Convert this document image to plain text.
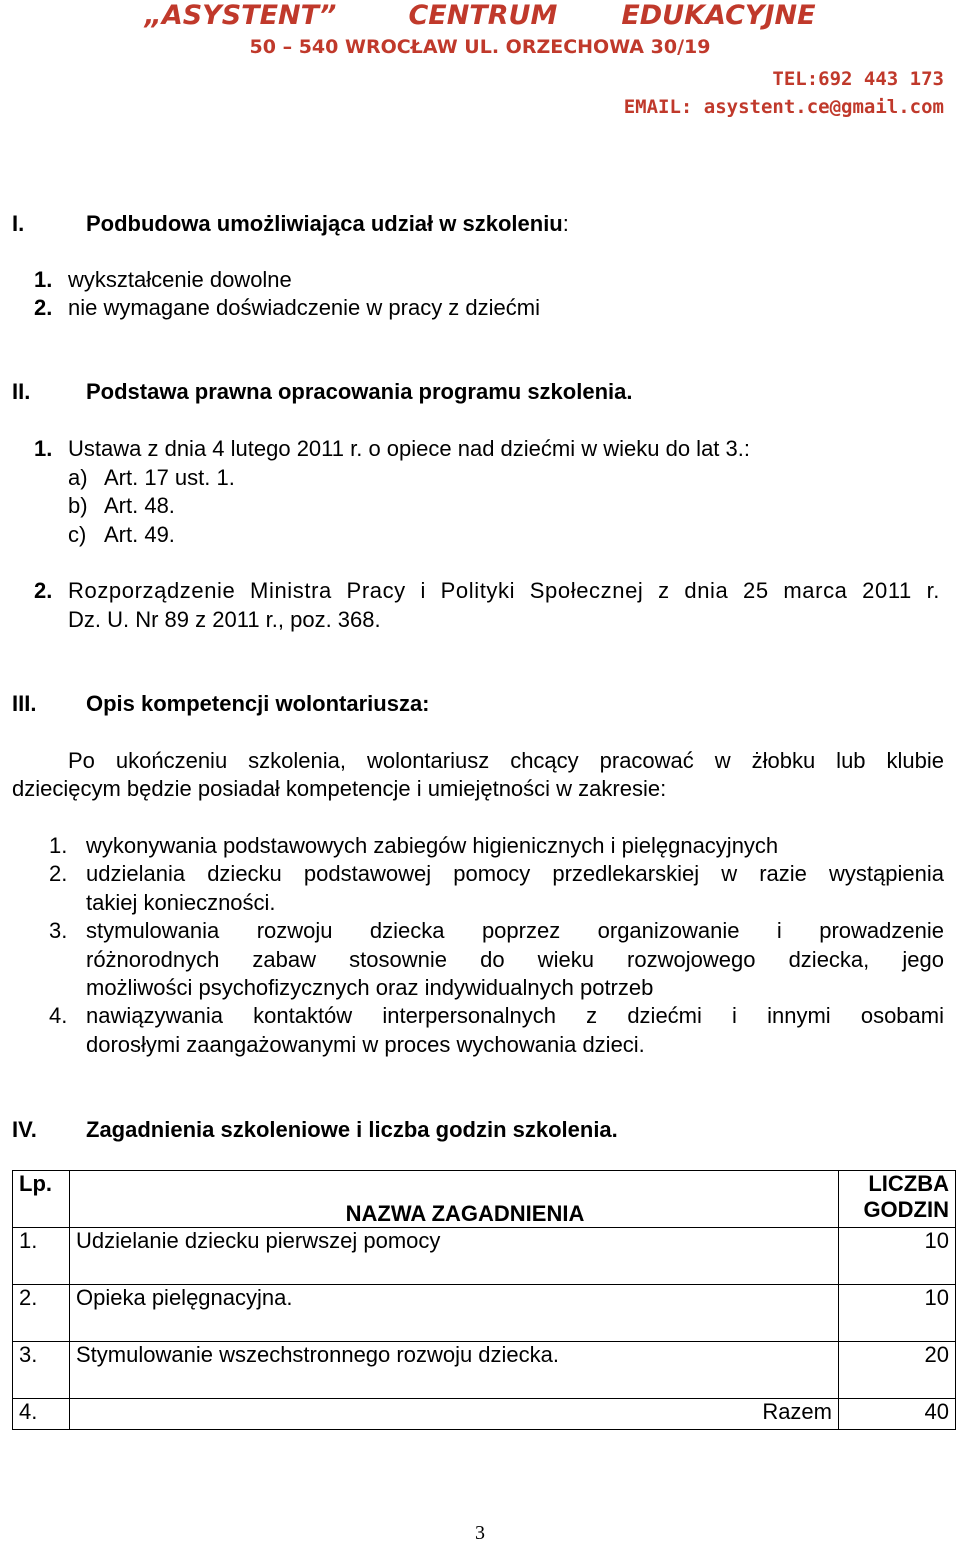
„ASYSTENT”	CENTRUM EDUKACYJNE
50 – 540 WROCŁAW UL. ORZECHOWA 30/19
TEL:692 443 173
EMAIL: asystent.ce@gmail.com
I.	Podbudowa umożliwiająca udział w szkoleniu:
1. wykształcenie dowolne
2. nie wymagane doświadczenie w pracy z dziećmi
II.	Podstawa prawna opracowania programu szkolenia.
1. Ustawa z dnia 4 lutego 2011 r. o opiece nad dziećmi w wieku do lat 3.:
a) Art. 17 ust. 1.
b) Art. 48.
c) Art. 49.
2. Rozporządzenie Ministra Pracy i Polityki Społecznej z dnia 25 marca 2011 r.
Dz. U. Nr 89 z 2011 r., poz. 368.
III. Opis kompetencji wolontariusza:
Po ukończeniu szkolenia, wolontariusz chcący pracować w żłobku lub klubie
dziecięcym będzie posiadał kompetencje i umiejętności w zakresie:
1. wykonywania podstawowych zabiegów higienicznych i pielęgnacyjnych
2. udzielania dziecku podstawowej pomocy przedlekarskiej w razie wystąpienia
takiej konieczności.
3. stymulowania rozwoju dziecka poprzez organizowanie i prowadzenie
różnorodnych zabaw stosownie do wieku rozwojowego dziecka, jego
możliwości psychofizycznych oraz indywidualnych potrzeb
4. nawiązywania kontaktów interpersonalnych z dziećmi i innymi osobami
dorosłymi zaangażowanymi w proces wychowania dzieci.
IV. Zagadnienia szkoleniowe i liczba godzin szkolenia.
Lp.	NAZWA ZAGADNIENIA	LICZBA
GODZIN

1.	Udzielanie dziecku pierwszej pomocy	10
2.	Opieka pielęgnacyjna.	10
3.	Stymulowanie wszechstronnego rozwoju dziecka.	20
4.	Razem	40
3
